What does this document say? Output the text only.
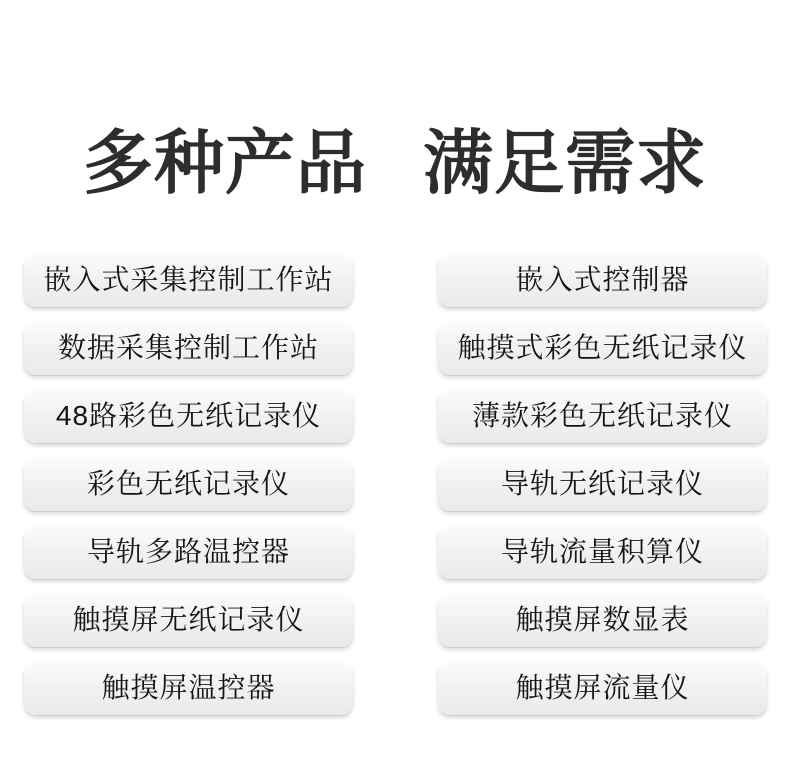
多种产品 满足需求
嵌入式采集控制工作站
数据采集控制工作站
48路彩色无纸记录仪
彩色无纸记录仪
导轨多路温控器
触摸屏无纸记录仪
触摸屏温控器
嵌入式控制器
触摸式彩色无纸记录仪
薄款彩色无纸记录仪
导轨无纸记录仪
导轨流量积算仪
触摸屏数显表
触摸屏流量仪
